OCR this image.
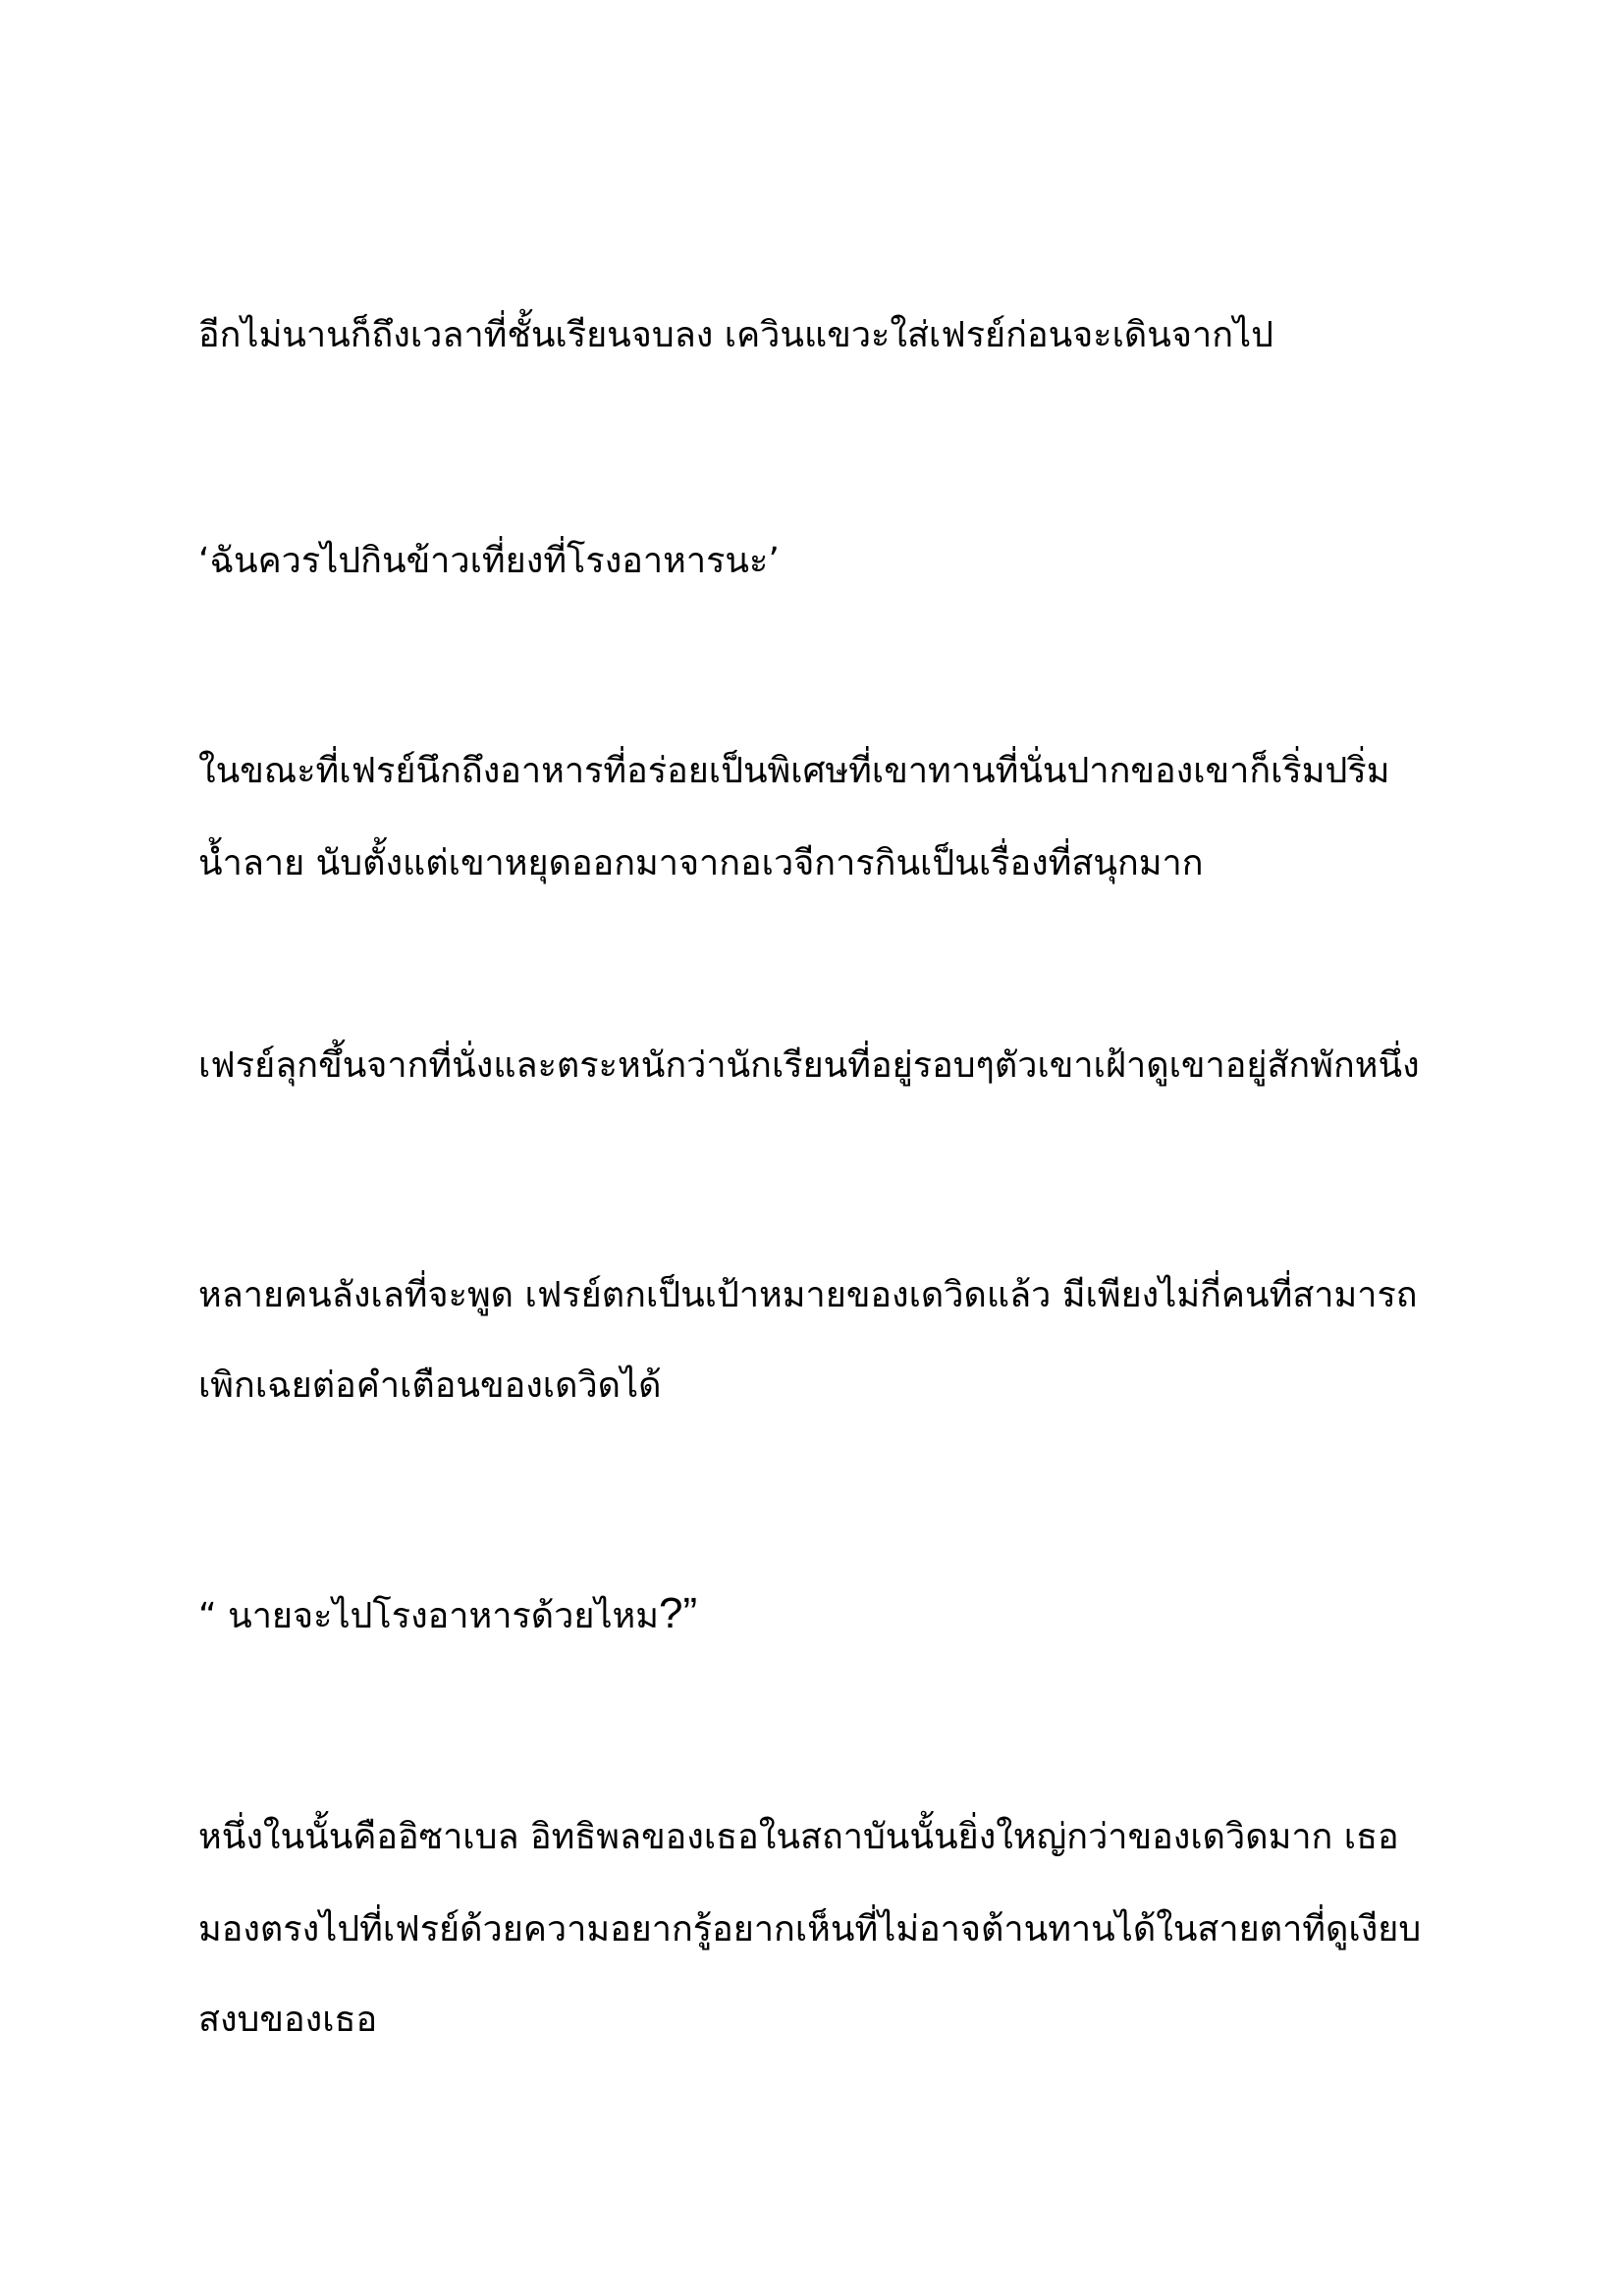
อีกไม่นานก็ถึงเวลาที่ชั้นเรียนจบลง เควินแขวะใส่เฟรย์ก่อนจะเดินจากไป
‘ฉันควรไปกินข้าวเที่ยงที่โรงอาหารนะ’
ในขณะที่เฟรย์นึกถึงอาหารที่อร่อยเป็นพิเศษที่เขาทานที่นั่นปากของเขาก็เริ่มปริ่ม
น้ำลาย นับตั้งแต่เขาหยุดออกมาจากอเวจีการกินเป็นเรื่องที่สนุกมาก
เฟรย์ลุกขึ้นจากที่นั่งและตระหนักว่านักเรียนที่อยู่รอบๆตัวเขาเฝ้าดูเขาอยู่สักพักหนึ่ง
หลายคนลังเลที่จะพูด เฟรย์ตกเป็นเป้าหมายของเดวิดแล้ว มีเพียงไม่กี่คนที่สามารถ
เพิกเฉยต่อคำเตือนของเดวิดได้
“ นายจะไปโรงอาหารด้วยไหม?”
หนึ่งในนั้นคืออิซาเบล อิทธิพลของเธอในสถาบันนั้นยิ่งใหญ่กว่าของเดวิดมาก เธอ
มองตรงไปที่เฟรย์ด้วยความอยากรู้อยากเห็นที่ไม่อาจต้านทานได้ในสายตาที่ดูเงียบ
สงบของเธอ
